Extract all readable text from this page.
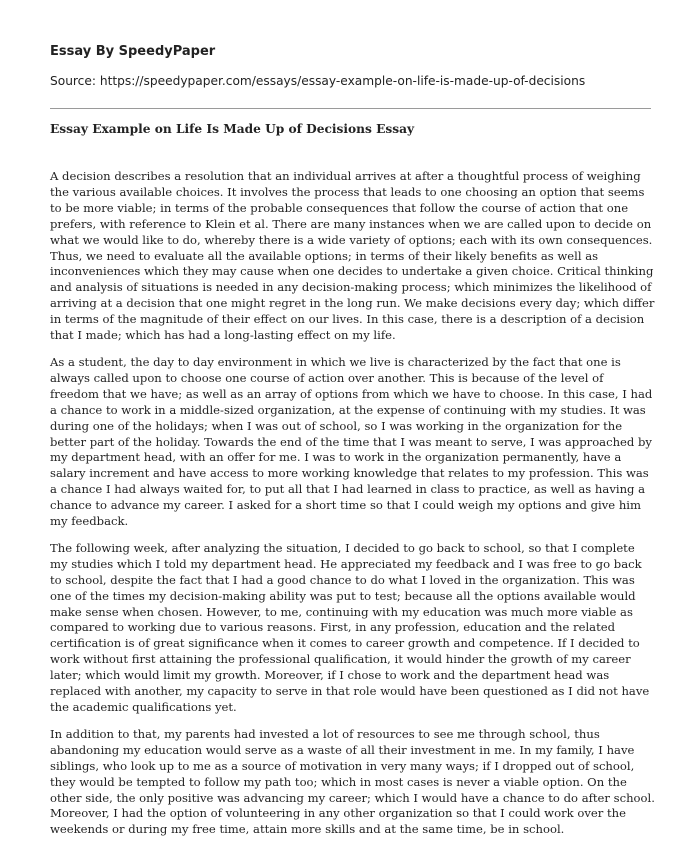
Essay By SpeedyPaper
Source: https://speedypaper.com/essays/essay-example-on-life-is-made-up-of-decisions
Essay Example on Life Is Made Up of Decisions Essay

A decision describes a resolution that an individual arrives at after a thoughtful process of weighing the various available choices. It involves the process that leads to one choosing an option that seems to be more viable; in terms of the probable consequences that follow the course of action that one prefers, with reference to Klein et al. There are many instances when we are called upon to decide on what we would like to do, whereby there is a wide variety of options; each with its own consequences. Thus, we need to evaluate all the available options; in terms of their likely benefits as well as inconveniences which they may cause when one decides to undertake a given choice. Critical thinking and analysis of situations is needed in any decision-making process; which minimizes the likelihood of arriving at a decision that one might regret in the long run. We make decisions every day; which differ in terms of the magnitude of their effect on our lives. In this case, there is a description of a decision that I made; which has had a long-lasting effect on my life.

As a student, the day to day environment in which we live is characterized by the fact that one is always called upon to choose one course of action over another. This is because of the level of freedom that we have; as well as an array of options from which we have to choose. In this case, I had a chance to work in a middle-sized organization, at the expense of continuing with my studies. It was during one of the holidays; when I was out of school, so I was working in the organization for the better part of the holiday. Towards the end of the time that I was meant to serve, I was approached by my department head, with an offer for me. I was to work in the organization permanently, have a salary increment and have access to more working knowledge that relates to my profession. This was a chance I had always waited for, to put all that I had learned in class to practice, as well as having a chance to advance my career. I asked for a short time so that I could weigh my options and give him my feedback.

The following week, after analyzing the situation, I decided to go back to school, so that I complete my studies which I told my department head. He appreciated my feedback and I was free to go back to school, despite the fact that I had a good chance to do what I loved in the organization. This was one of the times my decision-making ability was put to test; because all the options available would make sense when chosen. However, to me, continuing with my education was much more viable as compared to working due to various reasons. First, in any profession, education and the related certification is of great significance when it comes to career growth and competence. If I decided to work without first attaining the professional qualification, it would hinder the growth of my career later; which would limit my growth. Moreover, if I chose to work and the department head was replaced with another, my capacity to serve in that role would have been questioned as I did not have the academic qualifications yet.

In addition to that, my parents had invested a lot of resources to see me through school, thus abandoning my education would serve as a waste of all their investment in me. In my family, I have siblings, who look up to me as a source of motivation in very many ways; if I dropped out of school, they would be tempted to follow my path too; which in most cases is never a viable option. On the other side, the only positive was advancing my career; which I would have a chance to do after school. Moreover, I had the option of volunteering in any other organization so that I could work over the weekends or during my free time, attain more skills and at the same time, be in school.
